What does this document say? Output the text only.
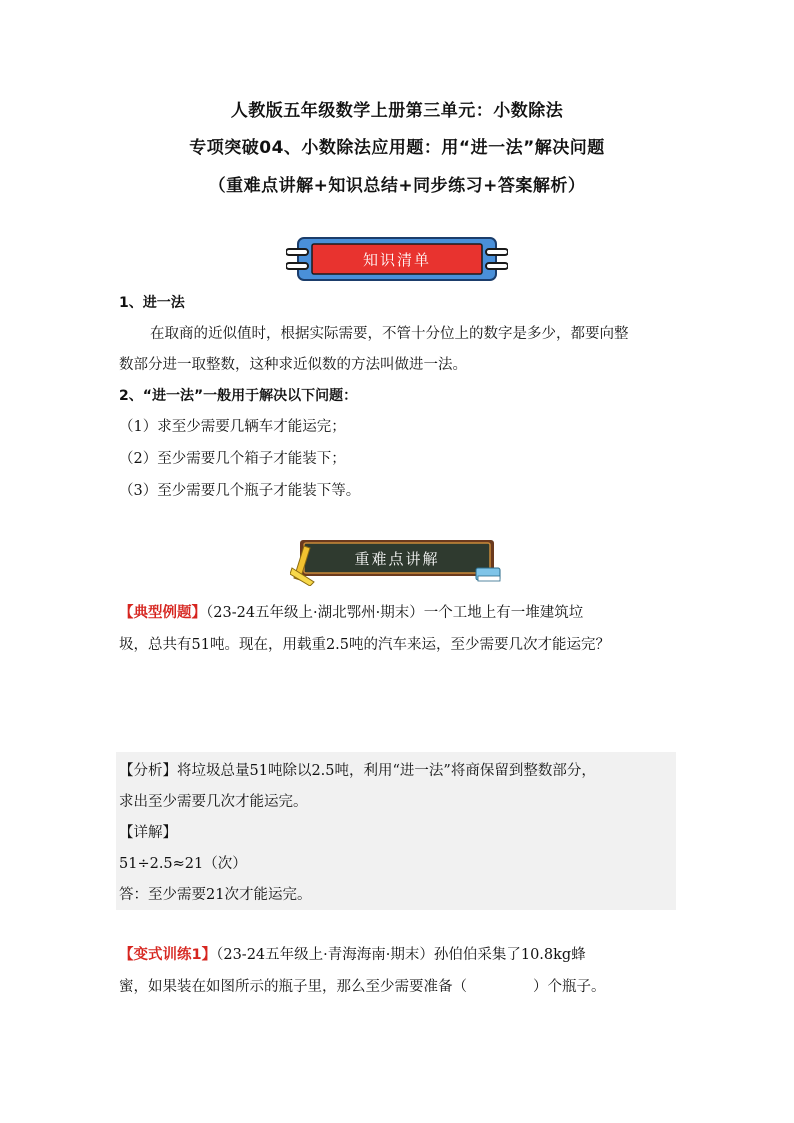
人教版五年级数学上册第三单元：小数除法
专项突破04、小数除法应用题：用“进一法”解决问题
（重难点讲解+知识总结+同步练习+答案解析）
知识清单
1、进一法
在取商的近似值时，根据实际需要，不管十分位上的数字是多少，都要向整
数部分进一取整数，这种求近似数的方法叫做进一法。
2、“进一法”一般用于解决以下问题：
（1）求至少需要几辆车才能运完；
（2）至少需要几个箱子才能装下；
（3）至少需要几个瓶子才能装下等。
重难点讲解
【典型例题】（23-24五年级上·湖北鄂州·期末）一个工地上有一堆建筑垃
圾，总共有51吨。现在，用载重2.5吨的汽车来运，至少需要几次才能运完？
【分析】将垃圾总量51吨除以2.5吨，利用“进一法”将商保留到整数部分，
求出至少需要几次才能运完。
【详解】
51÷2.5≈21（次）
答：至少需要21次才能运完。
【变式训练1】（23-24五年级上·青海海南·期末）孙伯伯采集了10.8kg蜂
蜜，如果装在如图所示的瓶子里，那么至少需要准备（	）个瓶子。
